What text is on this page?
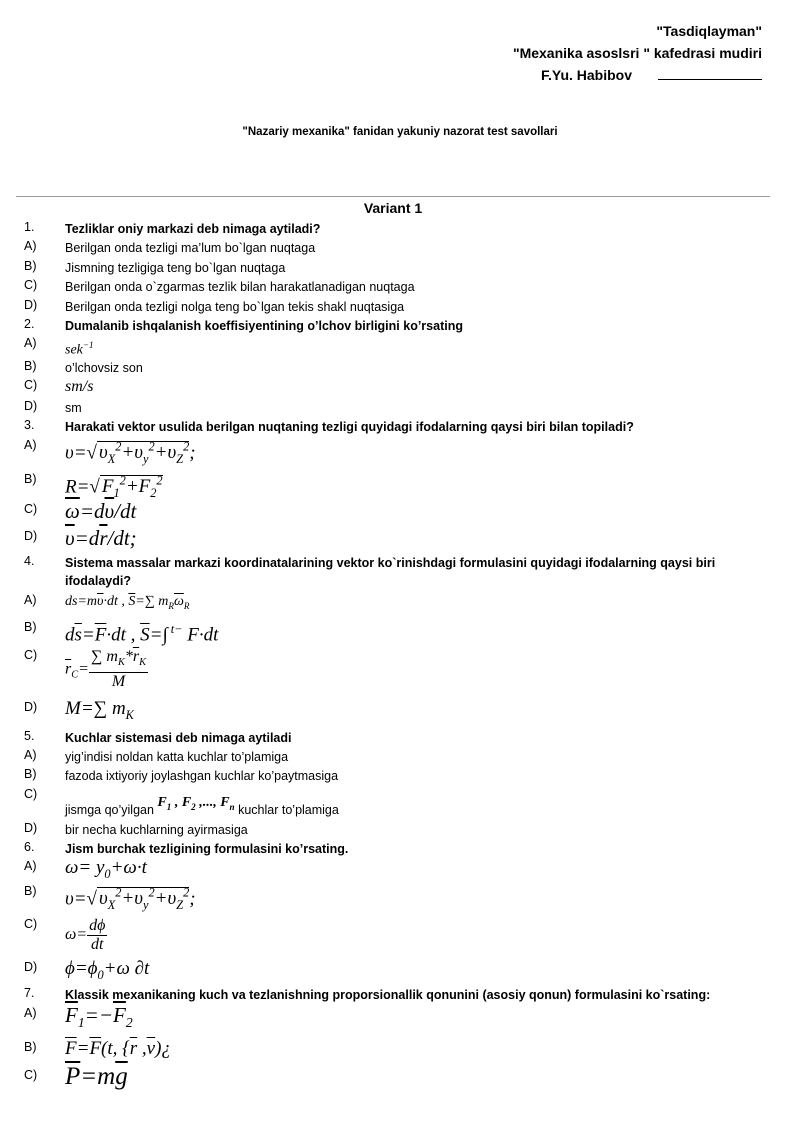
"Tasdiqlayman"
"Mexanika asoslsri " kafedrasi mudiri
F.Yu. Habibov
"Nazariy mexanika" fanidan yakuniy nazorat test savollari
Variant 1
1. Tezliklar oniy markazi deb nimaga aytiladi?
A) Berilgan onda tezligi ma’lum bo`lgan nuqtaga
B) Jismning tezligiga teng bo`lgan nuqtaga
C) Berilgan onda o`zgarmas tezlik bilan harakatlanadigan nuqtaga
D) Berilgan onda tezligi nolga teng bo`lgan tekis shakl nuqtasiga
2. Dumalanib ishqalanish koeffisiyentining o’lchov birligini ko’rsating
A) sek$^{-1}$
B) o’lchovsiz son
C) sm/s
D) sm
3. Harakati vektor usulida berilgan nuqtaning tezligi quyidagi ifodalarning qaysi biri bilan topiladi?
A) υ=√ $\upsilon_X^2+\upsilon_y^2+\upsilon_Z^2$;
B) R=√ $F_1^2+F_2^2$
C) $\overline{\omega}=d\overline{\upsilon}/dt$
D) $\overline{\upsilon}=d\overline{r}/dt$;
4. Sistema massalar markazi koordinatalarining vektor ko`rinishdagi formulasini quyidagi ifodalarning qaysi biri ifodalaydi?
A) $ds=m\overline{\upsilon}\cdot dt$ , $\overline{S}=\sum$ $m_R\overline{\omega}_R$
B) $d\overline{s}=\overline{F}\cdot dt$ , $\overline{S}=\int$ $^{t-}$ F·dt
C)
$\overline{r}_C= \frac{\sum m_K*\overline{r}_K}{M}$
D) M=∑ $m_K$
5. Kuchlar sistemasi deb nimaga aytiladi
A) yig’indisi noldan katta kuchlar to’plamiga
B) fazoda ixtiyoriy joylashgan kuchlar ko’paytmasiga
C)
jismga qo’yilgan $F_1$ , $F_2$ ,..., $F_n$ kuchlar to’plamiga
D) bir necha kuchlarning ayirmasiga
6. Jism burchak tezligining formulasini ko’rsating.
A) $\omega= y_0+\omega\cdot t$
B) υ=√ $\upsilon_X^2+\upsilon_y^2+\upsilon_Z^2$;
C)
$\omega= \frac{d\phi}{dt}$
D) $\phi=\phi_0+\omega$ ∂t
7. Klassik mexanikaning kuch va tezlanishning proporsionallik qonunini (asosiy qonun) formulasini ko`rsating:
A) $\overline{F}_1=-\overline{F}_2$
B) $\overline{F}=\overline{F}(t$, {$\overline{r}$ $,\overline{v})¿$
C) $\overline{P}=m\overline{g}$
